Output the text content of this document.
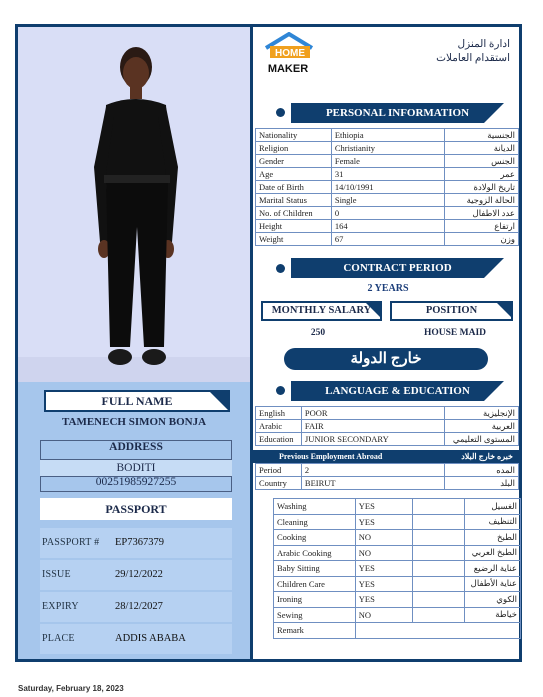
FULL NAME
TAMENECH SIMON BONJA
ADDRESS
BODITI
00251985927255
PASSPORT
PASSPORT # EP7367379
ISSUE	29/12/2022
EXPIRY	28/12/2027
PLACE	ADDIS ABABA
HOME
MAKER
ادارة المنزل
استقدام العاملات
PERSONAL INFORMATION
Nationality	Ethiopia	الجنسية
Religion	Christianity	الديانة
Gender	Female	الجنس
Age	31	عمر
Date of Birth	14/10/1991	تاريخ الولادة
Marital Status	Single	الحالة الزوجية
No. of Children	0	عدد الاطفال
Height	164	ارتفاع
Weight	67	وزن
CONTRACT PERIOD
2 YEARS
MONTHLY SALARY	POSITION
250	HOUSE MAID
خارج الدولة
LANGUAGE & EDUCATION
English	POOR	الإنجليزية
Arabic	FAIR	العربية
Education	JUNIOR SECONDARY	المستوى التعليمي
Previous Employment Abroad	خبره خارج البلاد
Period	2	المده
Country	BEIRUT	البلد
Washing	YES		الغسيل
Cleaning	YES		التنظيف
Cooking	NO		الطبخ
Arabic Cooking	NO		الطبخ العربي
Baby Sitting	YES		عناية الرضيع
Children Care	YES		عناية الأطفال
Ironing	YES		الكوي
Sewing	NO		خياطة
Remark			
Saturday, February 18, 2023
